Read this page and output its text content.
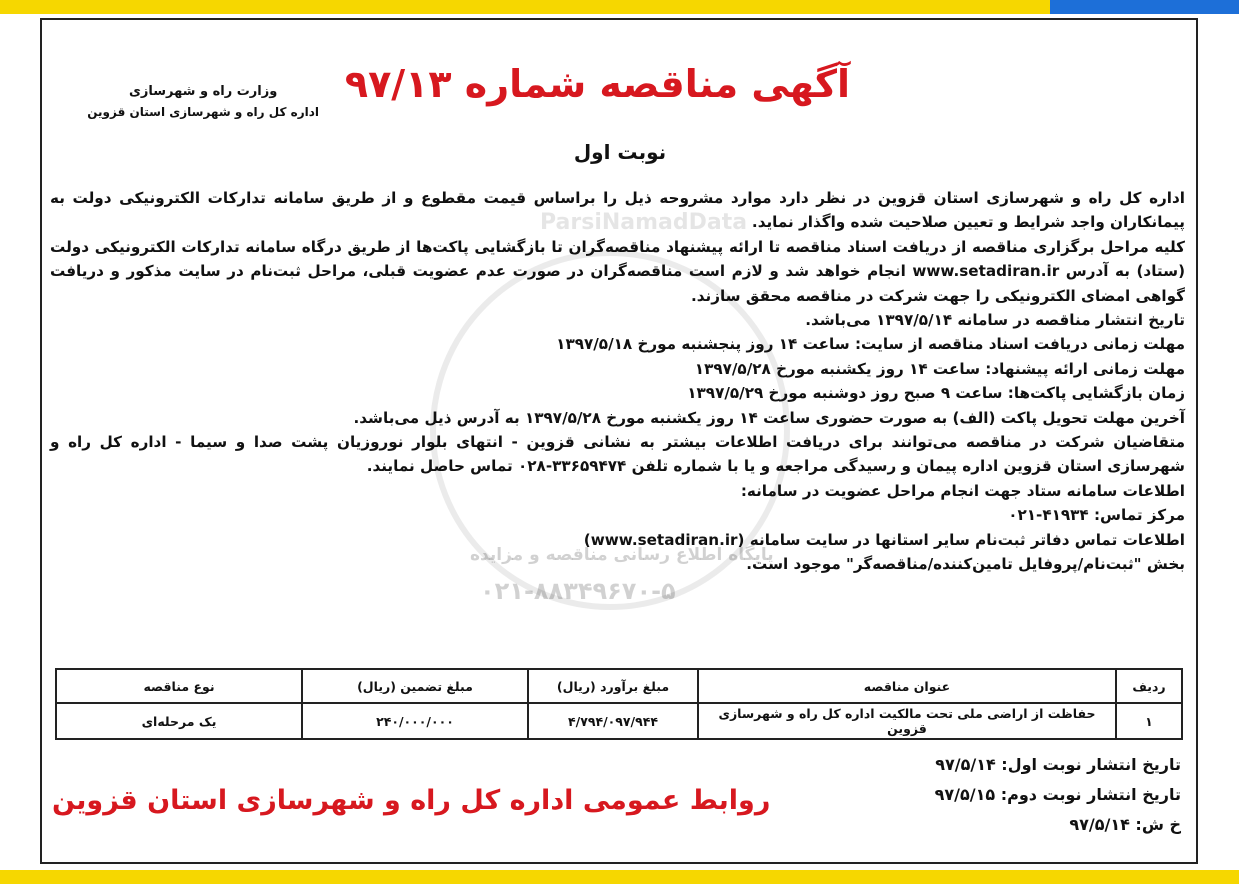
ParsiNamadData
پایگاه اطلاع رسانی مناقصه و مزایده
۰۲۱-۸۸۳۴۹۶۷۰-۵
وزارت راه و شهرسازی
اداره کل راه و شهرسازی استان قزوین
آگهی مناقصه شماره ۹۷/۱۳
نوبت اول

اداره کل راه و شهرسازی استان قزوین در نظر دارد موارد مشروحه ذیل را براساس قیمت مقطوع و از طریق سامانه تدارکات الکترونیکی دولت به پیمانکاران واجد شرایط و تعیین صلاحیت شده واگذار نماید.

کلیه مراحل برگزاری مناقصه از دریافت اسناد مناقصه تا ارائه پیشنهاد مناقصه‌گران تا بازگشایی پاکت‌ها از طریق درگاه سامانه تدارکات الکترونیکی دولت (ستاد) به آدرس www.setadiran.ir انجام خواهد شد و لازم است مناقصه‌گران در صورت عدم عضویت قبلی، مراحل ثبت‌نام در سایت مذکور و دریافت گواهی امضای الکترونیکی را جهت شرکت در مناقصه محقق سازند.

تاریخ انتشار مناقصه در سامانه ۱۳۹۷/۵/۱۴ می‌باشد.

مهلت زمانی دریافت اسناد مناقصه از سایت: ساعت ۱۴ روز پنجشنبه مورخ ۱۳۹۷/۵/۱۸

مهلت زمانی ارائه پیشنهاد: ساعت ۱۴ روز یکشنبه مورخ ۱۳۹۷/۵/۲۸

زمان بازگشایی پاکت‌ها: ساعت ۹ صبح روز دوشنبه مورخ ۱۳۹۷/۵/۲۹

آخرین مهلت تحویل پاکت (الف) به صورت حضوری ساعت ۱۴ روز یکشنبه مورخ ۱۳۹۷/۵/۲۸ به آدرس ذیل می‌باشد.

متقاضیان شرکت در مناقصه می‌توانند برای دریافت اطلاعات بیشتر به نشانی قزوین - انتهای بلوار نوروزیان پشت صدا و سیما - اداره کل راه و شهرسازی استان قزوین اداره پیمان و رسیدگی مراجعه و یا با شماره تلفن ۳۳۶۵۹۴۷۴-۰۲۸ تماس حاصل نمایند.

اطلاعات سامانه ستاد جهت انجام مراحل عضویت در سامانه:

مرکز تماس: ۴۱۹۳۴-۰۲۱

اطلاعات تماس دفاتر ثبت‌نام سایر استانها در سایت سامانه (www.setadiran.ir)

بخش "ثبت‌نام/پروفایل تامین‌کننده/مناقصه‌گر" موجود است.

ردیف	عنوان مناقصه	مبلغ برآورد (ریال)	مبلغ تضمین (ریال)	نوع مناقصه
۱	حفاظت از اراضی ملی تحت مالکیت اداره کل راه و شهرسازی قزوین	۴/۷۹۴/۰۹۷/۹۴۴	۲۴۰/۰۰۰/۰۰۰	یک مرحله‌ای
تاریخ انتشار نوبت اول: ۹۷/۵/۱۴
تاریخ انتشار نوبت دوم: ۹۷/۵/۱۵
خ ش: ۹۷/۵/۱۴
روابط عمومی اداره کل راه و شهرسازی استان قزوین
